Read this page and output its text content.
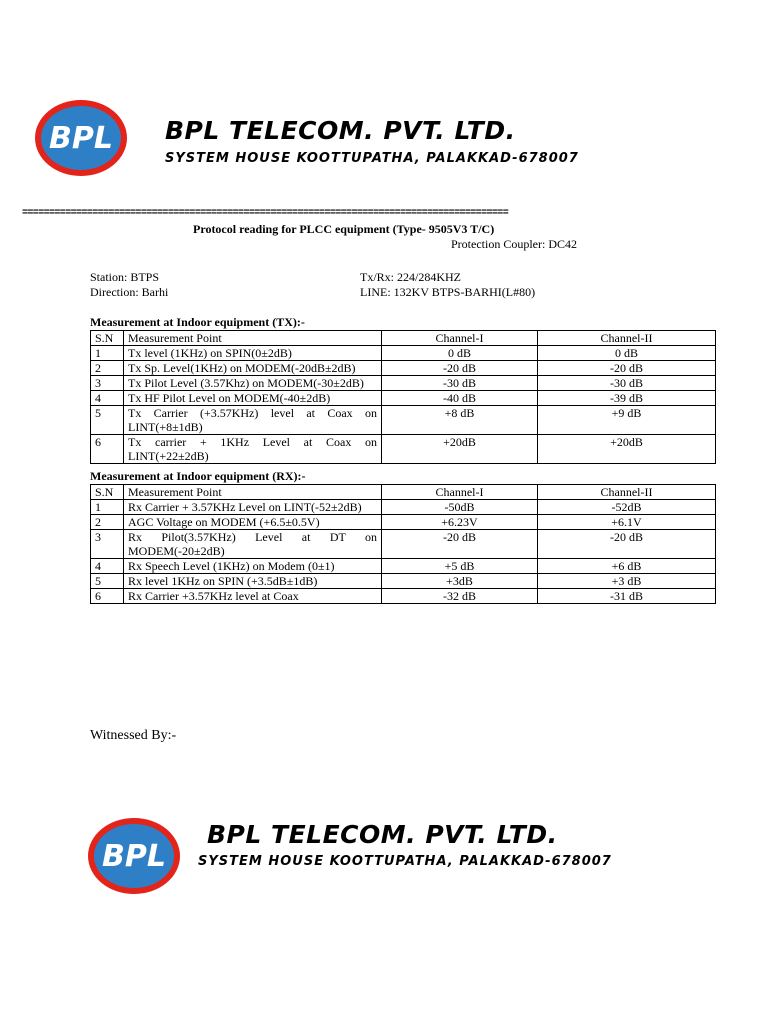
BPL BPL TELECOM. PVT. LTD.
SYSTEM HOUSE KOOTTUPATHA, PALAKKAD-678007
==========================================================================================
Protocol reading for PLCC equipment (Type- 9505V3 T/C)
Protection Coupler: DC42
Station: BTPS
Direction: Barhi
Tx/Rx: 224/284KHZ
LINE: 132KV BTPS-BARHI(L#80)
Measurement at Indoor equipment (TX):-
S.N	Measurement Point	Channel-I	Channel-II
1	Tx level (1KHz) on SPIN(0±2dB)	0 dB	0 dB
2	Tx Sp. Level(1KHz) on MODEM(-20dB±2dB)	-20 dB	-20 dB
3	Tx Pilot Level (3.57Khz) on MODEM(-30±2dB)	-30 dB	-30 dB
4	Tx HF Pilot Level on MODEM(-40±2dB)	-40 dB	-39 dB
5	Tx Carrier (+3.57KHz) level at Coax on LINT(+8±1dB)	+8 dB	+9 dB
6	Tx carrier + 1KHz Level at Coax on LINT(+22±2dB)	+20dB	+20dB
Measurement at Indoor equipment (RX):-
S.N	Measurement Point	Channel-I	Channel-II
1	Rx Carrier + 3.57KHz Level on LINT(-52±2dB)	-50dB	-52dB
2	AGC Voltage on MODEM (+6.5±0.5V)	+6.23V	+6.1V
3	Rx Pilot(3.57KHz) Level at DT on MODEM(-20±2dB)	-20 dB	-20 dB
4	Rx Speech Level (1KHz) on Modem (0±1)	+5 dB	+6 dB
5	Rx level 1KHz on SPIN (+3.5dB±1dB)	+3dB	+3 dB
6	Rx Carrier +3.57KHz level at Coax	-32 dB	-31 dB
Witnessed By:-
BPL
BPL TELECOM. PVT. LTD.
SYSTEM HOUSE KOOTTUPATHA, PALAKKAD-678007
